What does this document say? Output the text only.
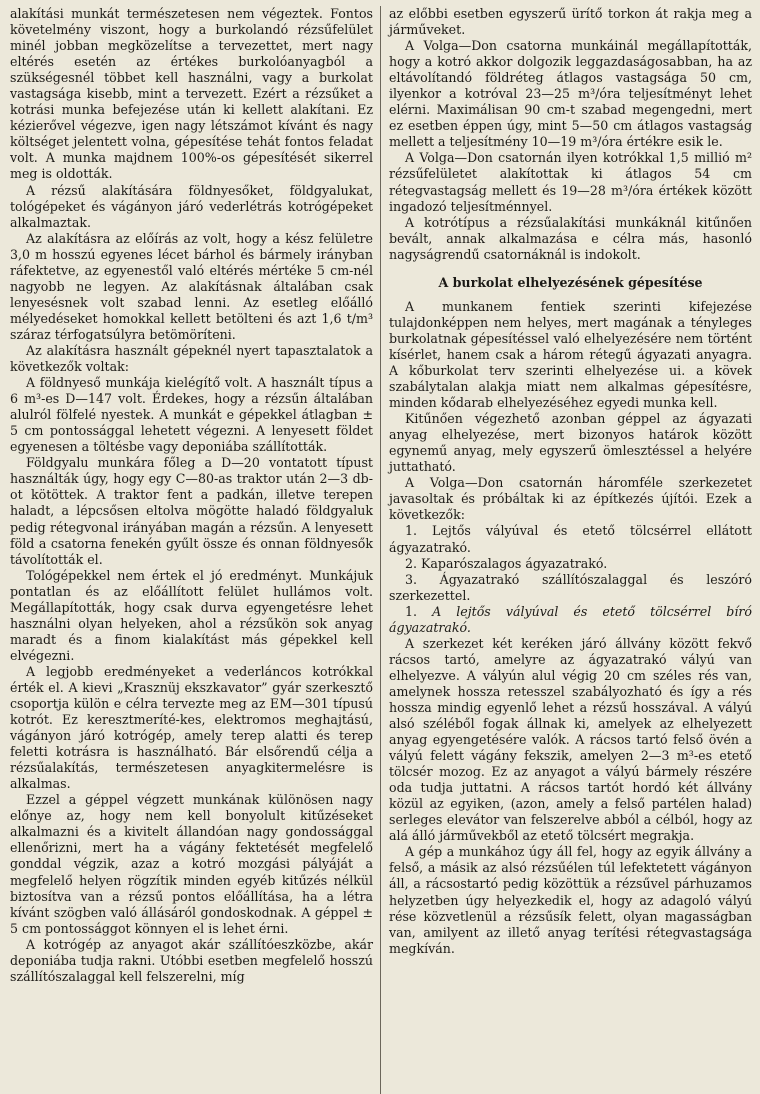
alakítási munkát természetesen nem végeztek. Fontos követelmény viszont, hogy a burkolandó rézsűfelület minél jobban megközelítse a tervezettet, mert nagy eltérés esetén az értékes burkolóanyagból a szükségesnél többet kell használni, vagy a burkolat vastagsága kisebb, mint a tervezett. Ezért a rézsűket a kotrási munka befejezése után ki kellett alakítani. Ez kézierővel végezve, igen nagy létszámot kívánt és nagy költséget jelentett volna, gépesítése tehát fontos feladat volt. A munka majdnem 100%-os gépesítését sikerrel meg is oldották.

A rézsű alakítására földnyesőket, földgyalukat, tológépeket és vágányon járó vederlétrás kotrógépeket alkalmaztak.

Az alakításra az előírás az volt, hogy a kész felületre 3,0 m hosszú egyenes lécet bárhol és bármely irányban ráfektetve, az egyenestől való eltérés mértéke 5 cm-nél nagyobb ne legyen. Az alakításnak általában csak lenyesésnek volt szabad lenni. Az esetleg előálló mélyedéseket homokkal kellett betölteni és azt 1,6 t/m³ száraz térfogatsúlyra betömöríteni.

Az alakításra használt gépeknél nyert tapasztalatok a következők voltak:

A földnyeső munkája kielégítő volt. A használt típus a 6 m³-es D—147 volt. Érdekes, hogy a rézsűn általában alulról fölfelé nyestek. A munkát e gépekkel átlagban ± 5 cm pontossággal lehetett végezni. A lenyesett földet egyenesen a töltésbe vagy deponiába szállították.

Földgyalu munkára főleg a D—20 vontatott típust használták úgy, hogy egy C—80-as traktor után 2—3 db-ot kötöttek. A traktor fent a padkán, illetve terepen haladt, a lépcsősen eltolva mögötte haladó földgyaluk pedig rétegvonal irányában magán a rézsűn. A lenyesett föld a csatorna fenekén gyűlt össze és onnan földnyesők távolították el.

Tológépekkel nem értek el jó eredményt. Munkájuk pontatlan és az előállított felület hullámos volt. Megállapították, hogy csak durva egyengetésre lehet használni olyan helyeken, ahol a rézsűkön sok anyag maradt és a finom kialakítást más gépekkel kell elvégezni.

A legjobb eredményeket a vederláncos kotrókkal érték el. A kievi „Krasznüj ekszkavator” gyár szerkesztő csoportja külön e célra tervezte meg az EM—301 típusú kotrót. Ez keresztmeríté-kes, elektromos meghajtású, vágányon járó kotrógép, amely terep alatti és terep feletti kotrásra is használható. Bár elsőrendű célja a rézsűalakítás, természetesen anyagkitermelésre is alkalmas.

Ezzel a géppel végzett munkának különösen nagy előnye az, hogy nem kell bonyolult kitűzéseket alkalmazni és a kivitelt állandóan nagy gondossággal ellenőrizni, mert ha a vágány fektetését megfelelő gonddal végzik, azaz a kotró mozgási pályáját a megfelelő helyen rögzítik minden egyéb kitűzés nélkül biztosítva van a rézsű pontos előállítása, ha a létra kívánt szögben való állásáról gondoskodnak. A géppel ± 5 cm pontossággot könnyen el is lehet érni.

A kotrógép az anyagot akár szállítóeszközbe, akár deponiába tudja rakni. Utóbbi esetben megfelelő hosszú szállítószalaggal kell felszerelni, míg

az előbbi esetben egyszerű ürítő torkon át rakja meg a járműveket.

A Volga—Don csatorna munkáinál megállapították, hogy a kotró akkor dolgozik leggazdaságosabban, ha az eltávolítandó földréteg átlagos vastagsága 50 cm, ilyenkor a kotróval 23—25 m³/óra teljesítményt lehet elérni. Maximálisan 90 cm-t szabad megengedni, mert ez esetben éppen úgy, mint 5—50 cm átlagos vastagság mellett a teljesítmény 10—19 m³/óra értékre esik le.

A Volga—Don csatornán ilyen kotrókkal 1,5 millió m² rézsűfelületet alakítottak ki átlagos 54 cm rétegvastagság mellett és 19—28 m³/óra értékek között ingadozó teljesítménnyel.

A kotrótípus a rézsűalakítási munkáknál kitűnően bevált, annak alkalmazása e célra más, hasonló nagyságrendű csatornáknál is indokolt.

A burkolat elhelyezésének gépesítése

A munkanem fentiek szerinti kifejezése tulajdonképpen nem helyes, mert magának a tényleges burkolatnak gépesítéssel való elhelyezésére nem történt kísérlet, hanem csak a három rétegű ágyazati anyagra. A kőburkolat terv szerinti elhelyezése ui. a kövek szabálytalan alakja miatt nem alkalmas gépesítésre, minden kődarab elhelyezéséhez egyedi munka kell.

Kitűnően végezhető azonban géppel az ágyazati anyag elhelyezése, mert bizonyos határok között egynemű anyag, mely egyszerű ömlesztéssel a helyére juttatható.

A Volga—Don csatornán háromféle szerkezetet javasoltak és próbáltak ki az építkezés újítói. Ezek a következők:

1. Lejtős vályúval és etető tölcsérrel ellátott ágyazatrakó.

2. Kaparószalagos ágyazatrakó.

3. Ágyazatrakó szállítószalaggal és leszóró szerkezettel.

1. A lejtős vályúval és etető tölcsérrel bíró ágyazatrakó.

A szerkezet két keréken járó állvány között fekvő rácsos tartó, amelyre az ágyazatrakó vályú van elhelyezve. A vályún alul végig 20 cm széles rés van, amelynek hossza retesszel szabályozható és így a rés hossza mindig egyenlő lehet a rézsű hosszával. A vályú alsó széléből fogak állnak ki, amelyek az elhelyezett anyag egyengetésére valók. A rácsos tartó felső övén a vályú felett vágány fekszik, amelyen 2—3 m³-es etető tölcsér mozog. Ez az anyagot a vályú bármely részére oda tudja juttatni. A rácsos tartót hordó két állvány közül az egyiken, (azon, amely a felső partélen halad) serleges elevátor van felszerelve abból a célból, hogy az alá álló járművekből az etető tölcsért megrakja.

A gép a munkához úgy áll fel, hogy az egyik állvány a felső, a másik az alsó rézsűélen túl lefektetett vágányon áll, a rácsostartó pedig közöttük a rézsűvel párhuzamos helyzetben úgy helyezkedik el, hogy az adagoló vályú rése közvetlenül a rézsűsík felett, olyan magasságban van, amilyent az illető anyag terítési rétegvastagsága megkíván.
